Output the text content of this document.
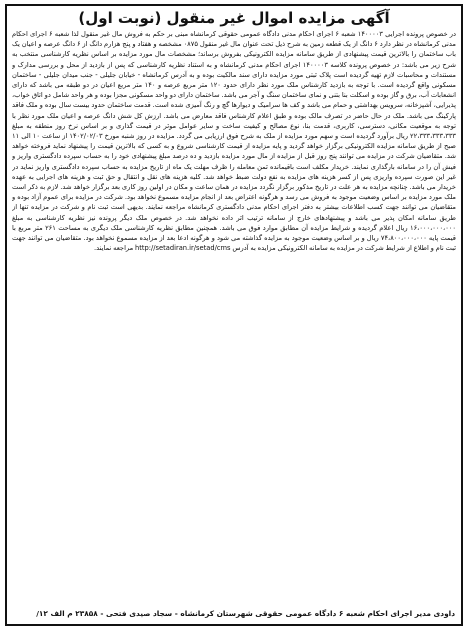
آگهی مزایده اموال غیر منقول (نوبت اول)

در خصوص پرونده اجرایی ۱۴۰۰۰۰۳ شعبه ۶ اجرای احکام مدنی دادگاه عمومی حقوقی کرمانشاه مبنی بر حکم به فروش مال غیر منقول لذا شعبه ۶ اجرای احکام مدنی کرمانشاه در نظر دارد ۶ دانگ از یک قطعه زمین به شرح ذیل تحت عنوان مال غیر منقول ۰۸۷۵ مشخصه و هفتاد و پنج هزارم دانگ از ۶ دانگ عرصه و اعیان یک باب ساختمان را بالاترین قیمت پیشنهادی از طریق سامانه مزایده الکترونیکی بفروش برساند؛ مشخصات مال مورد مزایده بر اساس نظریه کارشناسی منتخب به شرح زیر می باشد: در خصوص پرونده کلاسه ۱۴۰۰۰۰۳ اجرای احکام مدنی کرمانشاه و به استناد نظریه کارشناسی که پس از بازدید از محل و بررسی مدارک و مستندات و محاسبات لازم تهیه گردیده است پلاک ثبتی مورد مزایده دارای سند مالکیت بوده و به آدرس کرمانشاه - خیابان جلیلی - جنب میدان جلیلی - ساختمان مسکونی واقع گردیده است. با توجه به بازدید کارشناس ملک مورد نظر دارای حدود ۱۲۰ متر مربع عرصه و ۱۴۰ متر مربع اعیان در دو طبقه می باشد که دارای انشعابات آب، برق و گاز بوده و اسکلت بنا بتنی و نمای ساختمان سنگ و آجر می باشد. ساختمان دارای دو واحد مسکونی مجزا بوده و هر واحد شامل دو اتاق خواب، پذیرایی، آشپزخانه، سرویس بهداشتی و حمام می باشد و کف ها سرامیک و دیوارها گچ و رنگ آمیزی شده است. قدمت ساختمان حدود بیست سال بوده و ملک فاقد پارکینگ می باشد. ملک در حال حاضر در تصرف مالک بوده و طبق اعلام کارشناس فاقد معارض می باشد. ارزش کل شش دانگ عرصه و اعیان ملک مورد نظر با توجه به موقعیت مکانی، دسترسی، کاربری، قدمت بنا، نوع مصالح و کیفیت ساخت و سایر عوامل موثر در قیمت گذاری و بر اساس نرخ روز منطقه به مبلغ ۲۲،۳۳۳،۳۳۳،۳۳۳ ریال برآورد گردیده است و سهم مورد مزایده از ملک به شرح فوق ارزیابی می گردد. مزایده در روز شنبه مورخ ۱۴۰۲/۰۲/۰۳ از ساعت ۱۰ الی ۱۱ صبح از طریق سامانه مزایده الکترونیکی برگزار خواهد گردید و پایه مزایده از قیمت کارشناسی شروع و به کسی که بالاترین قیمت را پیشنهاد نماید فروخته خواهد شد. متقاضیان شرکت در مزایده می توانند پنج روز قبل از مزایده از مال مورد مزایده بازدید و ده درصد مبلغ پیشنهادی خود را به حساب سپرده دادگستری واریز و فیش آن را در سامانه بارگذاری نمایند. خریدار مکلف است باقیمانده ثمن معامله را ظرف مهلت یک ماه از تاریخ مزایده به حساب سپرده دادگستری واریز نماید در غیر این صورت سپرده واریزی پس از کسر هزینه های مزایده به نفع دولت ضبط خواهد شد. کلیه هزینه های نقل و انتقال و حق ثبت و هزینه های اجرایی به عهده خریدار می باشد. چنانچه مزایده به هر علت در تاریخ مذکور برگزار نگردد مزایده در همان ساعت و مکان در اولین روز کاری بعد برگزار خواهد شد. لازم به ذکر است ملک مورد مزایده بر اساس وضعیت موجود به فروش می رسد و هرگونه اعتراض بعد از انجام مزایده مسموع نخواهد بود. شرکت در مزایده برای عموم آزاد بوده و متقاضیان می توانند جهت کسب اطلاعات بیشتر به دفتر اجرای احکام مدنی دادگستری کرمانشاه مراجعه نمایند. بدیهی است ثبت نام و شرکت در مزایده تنها از طریق سامانه امکان پذیر می باشد و پیشنهادهای خارج از سامانه ترتیب اثر داده نخواهد شد. در خصوص ملک دیگر پرونده نیز نظریه کارشناسی به مبلغ ۱۶،۰۰۰،۰۰۰،۰۰۰ ریال اعلام گردیده و شرایط مزایده آن مطابق موارد فوق می باشد. همچنین مطابق نظریه کارشناسی ملک دیگری به مساحت ۲۶۱ متر مربع با قیمت پایه ۷۴،۸۰۰،۰۰۰،۰۰۰ ریال و بر اساس وضعیت موجود به مزایده گذاشته می شود و هرگونه ادعا بعد از مزایده مسموع نخواهد بود. متقاضیان می توانند جهت ثبت نام و اطلاع از شرایط شرکت در مزایده به سامانه الکترونیکی مزایده به آدرس http://setadiran.ir/setad/cms مراجعه نمایند.

داودی مدیر اجرای احکام شعبه ۶ دادگاه عمومی حقوقی شهرستان کرمانشاه - سجاد صیدی فتحی - ۲۳۸۵۸ م الف ۱۲/
